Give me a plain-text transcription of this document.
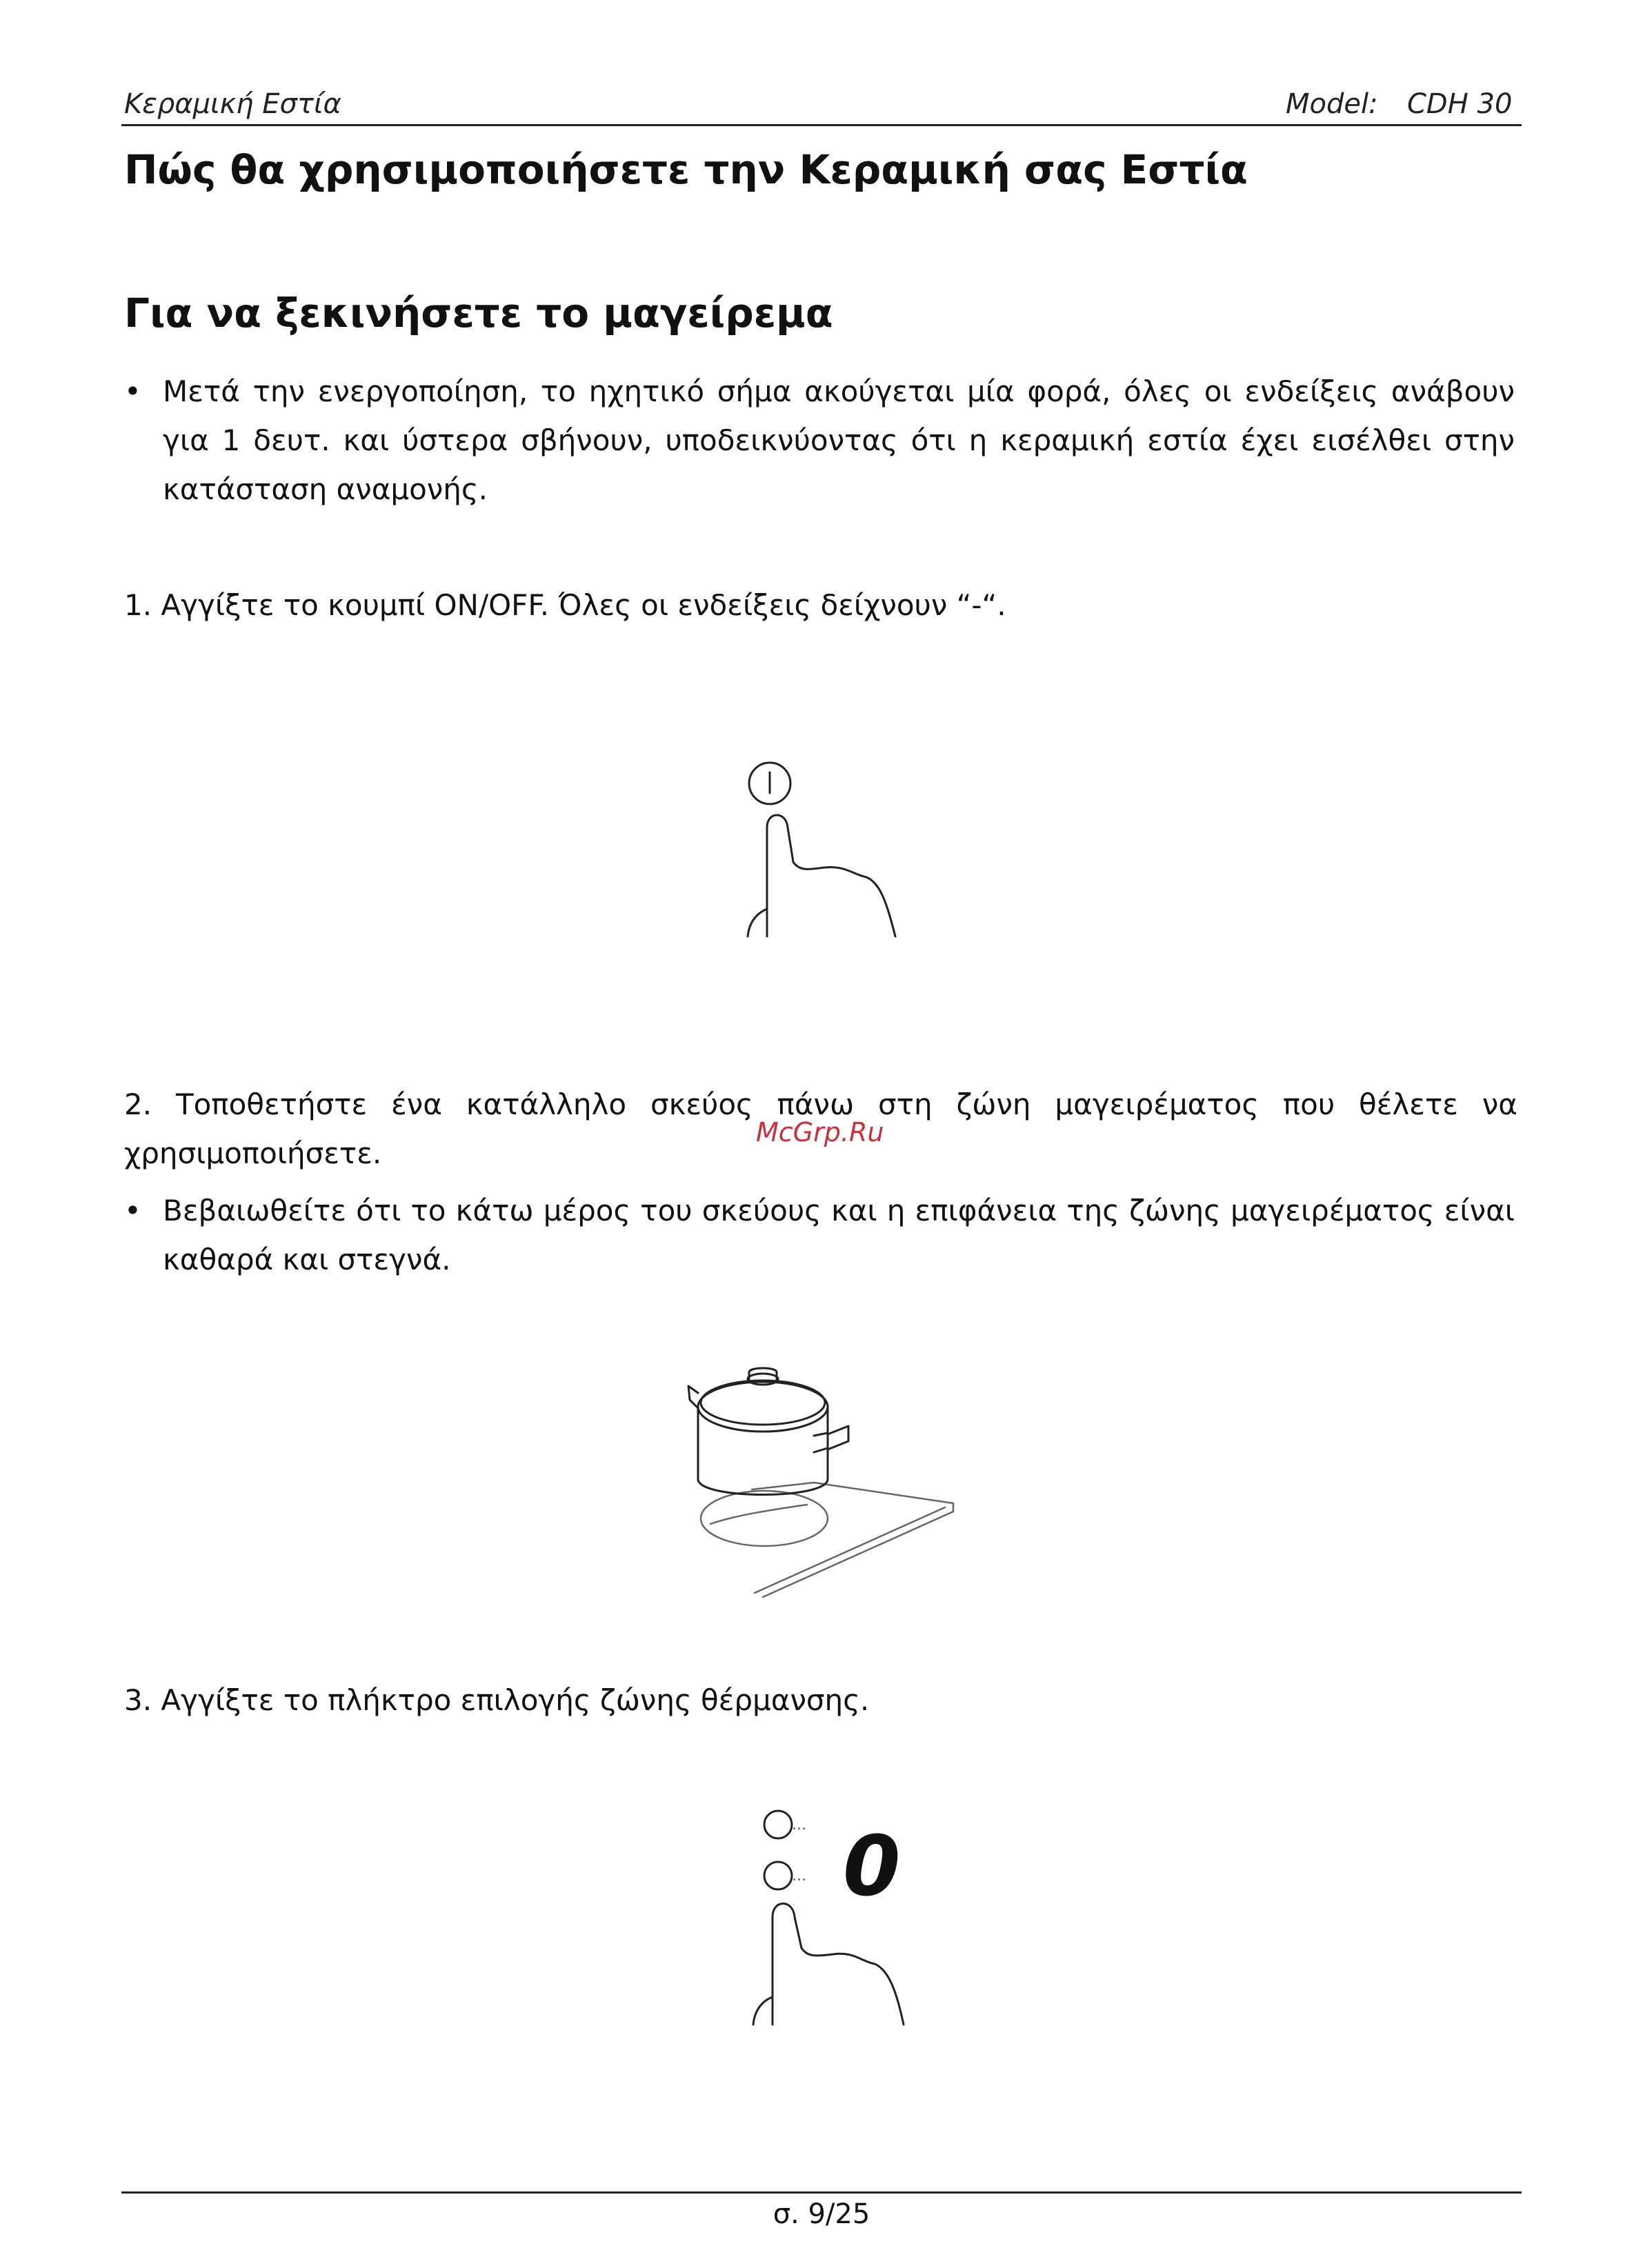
Κεραμική Εστία	Model: CDH 30
Πώς θα χρησιμοποιήσετε την Κεραμική σας Εστία
Για να ξεκινήσετε το μαγείρεμα
• Μετά την ενεργοποίηση, το ηχητικό σήμα ακούγεται μία φορά, όλες οι ενδείξεις ανάβουν για 1 δευτ. και ύστερα σβήνουν, υποδεικνύοντας ότι η κεραμική εστία έχει εισέλθει στην κατάσταση αναμονής.
1. Αγγίξτε το κουμπί ON/OFF. Όλες οι ενδείξεις δείχνουν “-“.
2. Τοποθετήστε ένα κατάλληλο σκεύος πάνω στη ζώνη μαγειρέματος που θέλετε να χρησιμοποιήσετε.
McGrp.Ru
• Βεβαιωθείτε ότι το κάτω μέρος του σκεύους και η επιφάνεια της ζώνης μαγειρέματος είναι καθαρά και στεγνά.
3. Αγγίξτε το πλήκτρο επιλογής ζώνης θέρμανσης.
...
... 0
σ. 9/25
